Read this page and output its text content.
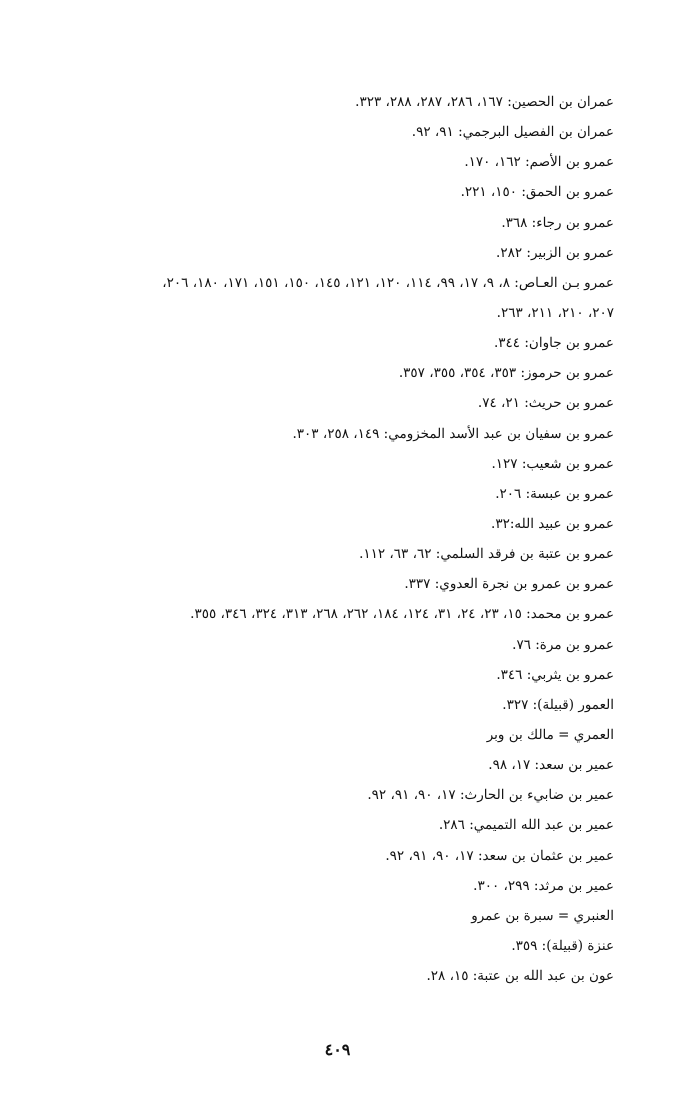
عمران بن الحصين: ١٦٧، ٢٨٦، ٢٨٧، ٢٨٨، ٣٢٣.
عمران بن الفصيل البرجمي: ٩١، ٩٢.
عمرو بن الأصم: ١٦٢، ١٧٠.
عمرو بن الحمق: ١٥٠، ٢٢١.
عمرو بن رجاء: ٣٦٨.
عمرو بن الزبير: ٢٨٢.
عمرو بـن العـاص: ٨، ٩، ١٧، ٩٩، ١١٤، ١٢٠، ١٢١، ١٤٥، ١٥٠، ١٥١، ١٧١، ١٨٠، ٢٠٦،
٢٠٧، ٢١٠، ٢١١، ٢٦٣.
عمرو بن جاوان: ٣٤٤.
عمرو بن حرموز: ٣٥٣، ٣٥٤، ٣٥٥، ٣٥٧.
عمرو بن حريث: ٢١، ٧٤.
عمرو بن سفيان بن عبد الأسد المخزومي: ١٤٩، ٢٥٨، ٣٠٣.
عمرو بن شعيب: ١٢٧.
عمرو بن عبسة: ٢٠٦.
عمرو بن عبيد الله:٣٢.
عمرو بن عتبة بن فرقد السلمي: ٦٢، ٦٣، ١١٢.
عمرو بن عمرو بن نجرة العدوي: ٣٣٧.
عمرو بن محمد: ١٥، ٢٣، ٢٤، ٣١، ١٢٤، ١٨٤، ٢٦٢، ٢٦٨، ٣١٣، ٣٢٤، ٣٤٦، ٣٥٥.
عمرو بن مرة: ٧٦.
عمرو بن يثربي: ٣٤٦.
العمور (قبيلة): ٣٢٧.
العمري = مالك بن وبر
عمير بن سعد: ١٧، ٩٨.
عمير بن ضابيء بن الحارث: ١٧، ٩٠، ٩١، ٩٢.
عمير بن عبد الله التميمي: ٢٨٦.
عمير بن عثمان بن سعد: ١٧، ٩٠، ٩١، ٩٢.
عمير بن مرثد: ٢٩٩، ٣٠٠.
العنبري = سبرة بن عمرو
عنزة (قبيلة): ٣٥٩.
عون بن عبد الله بن عتبة: ١٥، ٢٨.
٤٠٩
